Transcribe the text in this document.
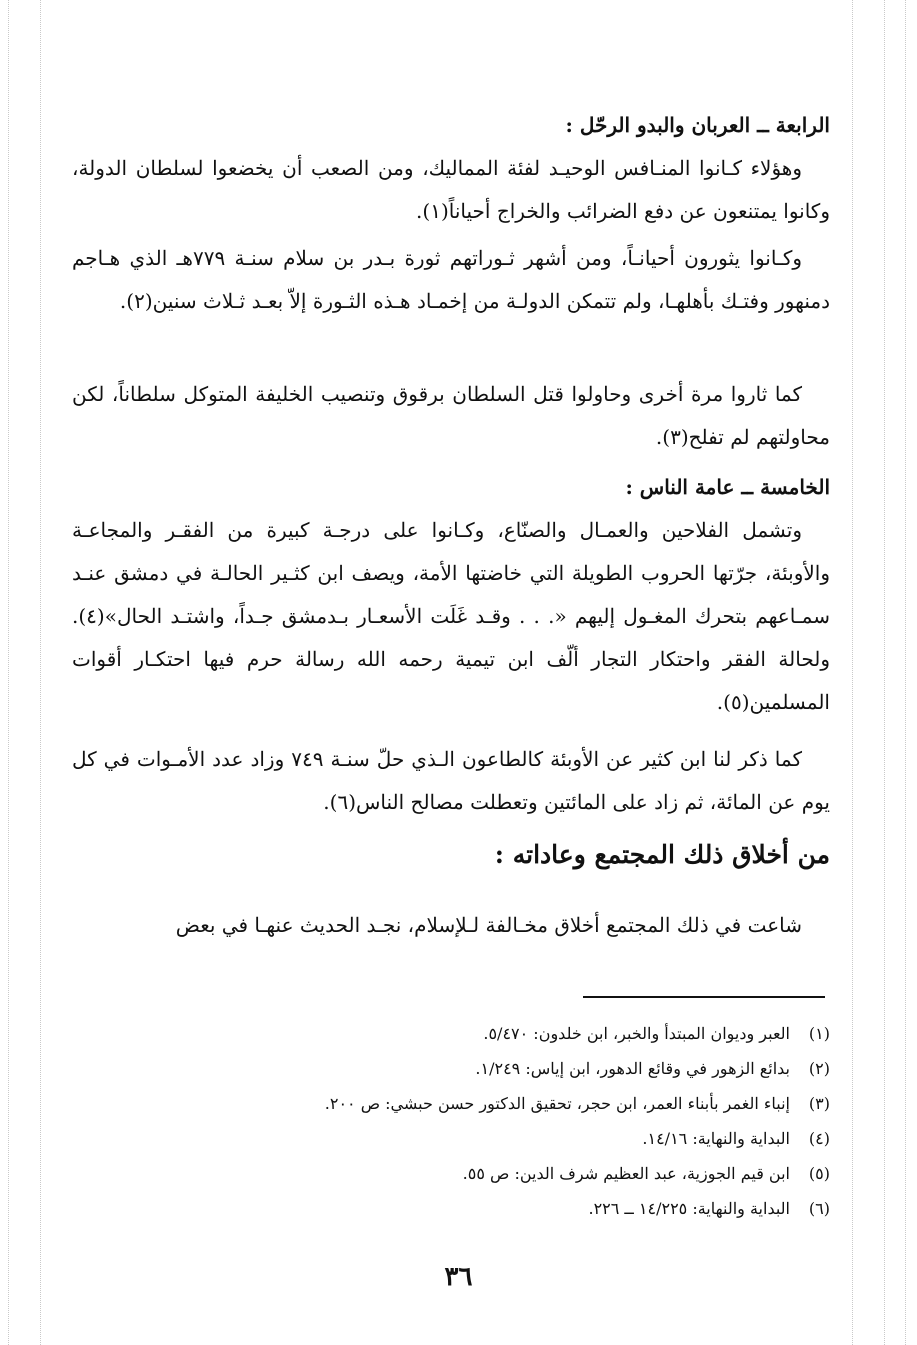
الرابعة ــ العربان والبدو الرحّل :

وهؤلاء كـانوا المنـافس الوحيـد لفئة المماليك، ومن الصعب أن يخضعوا لسلطان الدولة، وكانوا يمتنعون عن دفع الضرائب والخراج أحياناً(١).

وكـانوا يثورون أحيانـاً، ومن أشهر ثـوراتهم ثورة بـدر بن سلام سنـة ٧٧٩هـ الذي هـاجم دمنهور وفتـك بأهلهـا، ولم تتمكن الدولـة من إخمـاد هـذه الثـورة إلاّ بعـد ثـلاث سنين(٢).

كما ثاروا مرة أخرى وحاولوا قتل السلطان برقوق وتنصيب الخليفة المتوكل سلطاناً، لكن محاولتهم لم تفلح(٣).

الخامسة ــ عامة الناس :

وتشمل الفلاحين والعمـال والصنّاع، وكـانوا على درجـة كبيرة من الفقـر والمجاعـة والأوبئة، جرّتها الحروب الطويلة التي خاضتها الأمة، ويصف ابن كثـير الحالـة في دمشق عنـد سمـاعهم بتحرك المغـول إليهم «. . . وقـد غَلَت الأسعـار بـدمشق جـداً، واشتـد الحال»(٤). ولحالة الفقر واحتكار التجار ألّف ابن تيمية رحمه الله رسالة حرم فيها احتكـار أقوات المسلمين(٥).

كما ذكر لنا ابن كثير عن الأوبئة كالطاعون الـذي حلّ سنـة ٧٤٩ وزاد عدد الأمـوات في كل يوم عن المائة، ثم زاد على المائتين وتعطلت مصالح الناس(٦).

من أخلاق ذلك المجتمع وعاداته :

شاعت في ذلك المجتمع أخلاق مخـالفة لـلإسلام، نجـد الحديث عنهـا في بعض

(١)
العبر وديوان المبتدأ والخبر، ابن خلدون: ٥/٤٧٠.
(٢)
بدائع الزهور في وقائع الدهور، ابن إياس: ١/٢٤٩.
(٣)
إنباء الغمر بأبناء العمر، ابن حجر، تحقيق الدكتور حسن حبشي: ص ٢٠٠.
(٤)
البداية والنهاية: ١٤/١٦.
(٥)
ابن قيم الجوزية، عبد العظيم شرف الدين: ص ٥٥.
(٦)
البداية والنهاية: ١٤/٢٢٥ ــ ٢٢٦.
٣٦
